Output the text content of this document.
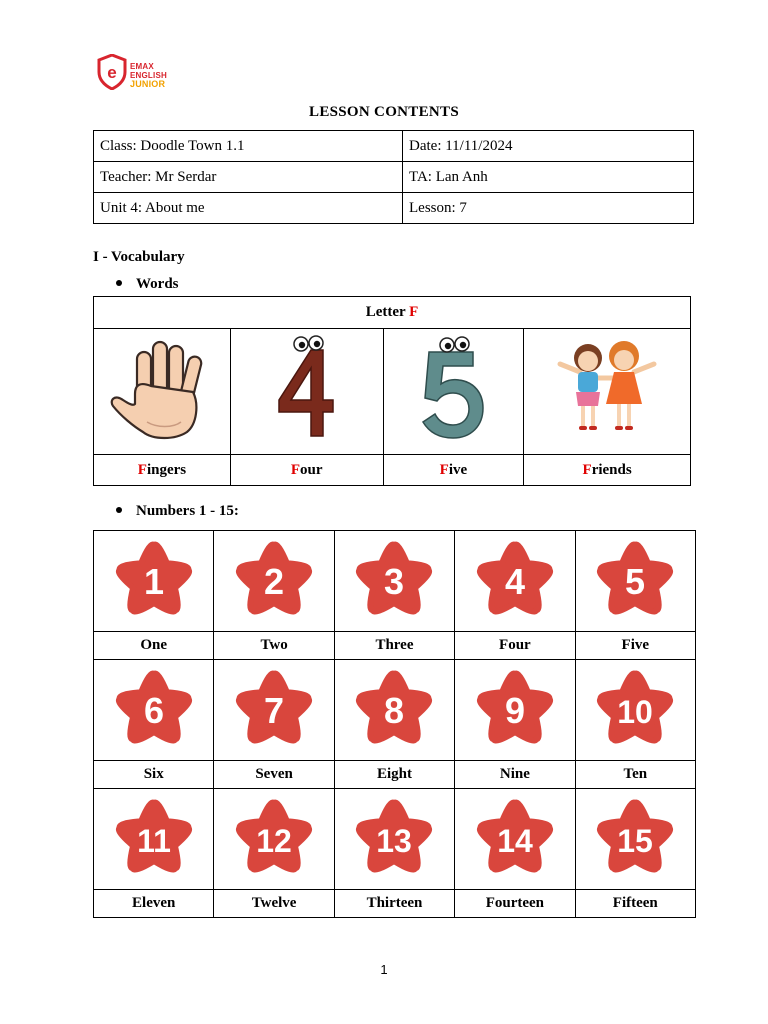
e EMAX
ENGLISH
JUNIOR
LESSON CONTENTS
Class: Doodle Town 1.1	Date: 11/11/2024
Teacher: Mr Serdar	TA: Lan Anh
Unit 4: About me	Lesson: 7
I - Vocabulary
Words
Letter F			

Fingers	Four	Five	Friends
Numbers 1 - 15:
1	2	3	4	5

One	Two	Three	Four	Five

6	7	8	9	10

Six	Seven	Eight	Nine	Ten

11	12	13	14	15

Eleven	Twelve	Thirteen	Fourteen	Fifteen
1
